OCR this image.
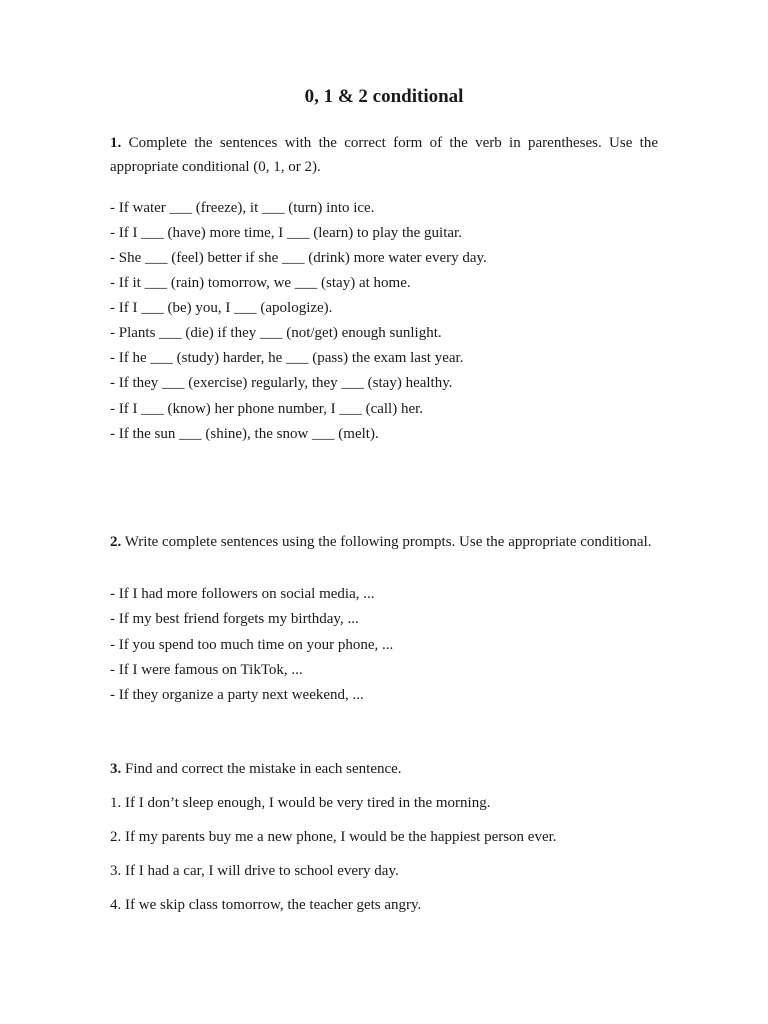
0, 1 & 2 conditional
1. Complete the sentences with the correct form of the verb in parentheses. Use the appropriate conditional (0, 1, or 2).
- If water ___ (freeze), it ___ (turn) into ice.
- If I ___ (have) more time, I ___ (learn) to play the guitar.
- She ___ (feel) better if she ___ (drink) more water every day.
- If it ___ (rain) tomorrow, we ___ (stay) at home.
- If I ___ (be) you, I ___ (apologize).
- Plants ___ (die) if they ___ (not/get) enough sunlight.
- If he ___ (study) harder, he ___ (pass) the exam last year.
- If they ___ (exercise) regularly, they ___ (stay) healthy.
- If I ___ (know) her phone number, I ___ (call) her.
- If the sun ___ (shine), the snow ___ (melt).
2. Write complete sentences using the following prompts. Use the appropriate conditional.
- If I had more followers on social media, ...
- If my best friend forgets my birthday, ...
- If you spend too much time on your phone, ...
- If I were famous on TikTok, ...
- If they organize a party next weekend, ...
3. Find and correct the mistake in each sentence.
1. If I don’t sleep enough, I would be very tired in the morning.
2. If my parents buy me a new phone, I would be the happiest person ever.
3. If I had a car, I will drive to school every day.
4. If we skip class tomorrow, the teacher gets angry.
